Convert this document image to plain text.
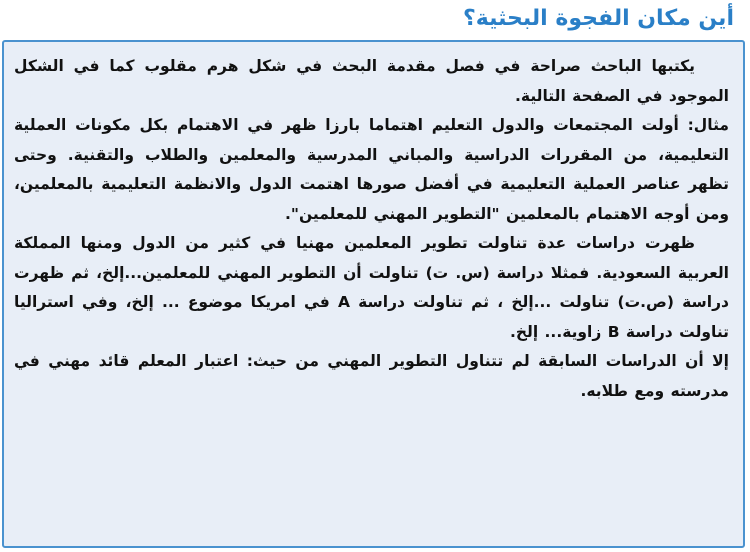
أين مكان الفجوة البحثية؟

يكتبها الباحث صراحة في فصل مقدمة البحث في شكل هرم مقلوب كما في الشكل الموجود في الصفحة التالية.

مثال: أولت المجتمعات والدول التعليم اهتماما بارزا ظهر في الاهتمام بكل مكونات العملية التعليمية، من المقررات الدراسية والمباني المدرسية والمعلمين والطلاب والتقنية. وحتى تظهر عناصر العملية التعليمية في أفضل صورها اهتمت الدول والانظمة التعليمية بالمعلمين، ومن أوجه الاهتمام بالمعلمين "التطوير المهني للمعلمين".

ظهرت دراسات عدة تناولت تطوير المعلمين مهنيا في كثير من الدول ومنها المملكة العربية السعودية. فمثلا دراسة (س. ت) تناولت أن التطوير المهني للمعلمين...إلخ، ثم ظهرت دراسة (ص.ت) تناولت ...إلخ ، ثم تناولت دراسة A في امريكا موضوع ... إلخ، وفي استراليا تناولت دراسة B زاوية... إلخ.

إلا أن الدراسات السابقة لم تتناول التطوير المهني من حيث: اعتبار المعلم قائد مهني في مدرسته ومع طلابه.
